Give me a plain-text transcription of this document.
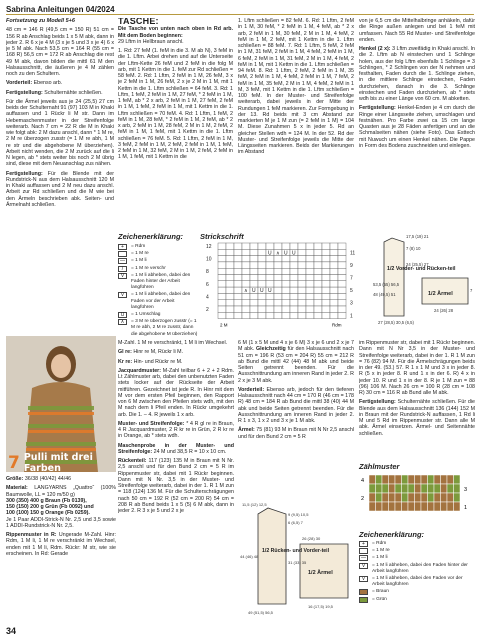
Sabrina Anleitungen 04/2024

Fortsetzung zu Modell 5+6

48 cm = 146 R (49,5 cm = 150 R) 51 cm = 156 R ab Anschlag beids 1 x 5 M abk, dann in jeder 2. R 6 x je 4 M (3 x je 5 und 3 x je 4) 6 x je 5 M abk. Nach 53,5 cm = 164 R (55 cm = 168 R) 56,5 cm = 172 R ab Anschlag die rest 49 M abk, davon bilden die mittl 61 M den Halsausschnitt, die äußeren je 4 M zählen noch zu den Schultern.

Vorderteil: Ebenso arb.

Fertigstellung: Schulternähte schließen.

Für die Ärmel jeweils aus je 24 (25,5) 27 cm beids der Schulternaht 91 (97) 103 M in Khaki auffassen und 1 Rückr li M str. Dann im Hebemaschenmuster in der Streifenfolge weiterarb. Nach 7 cm = 22 R die M in Khaki wie folgt abk: 2 M dazu anschl, dann * 1 M re, 2 M re überzogen zusstr (= 1 M re abh, 1 M re str und die abgehobene M überziehen). Arbeit nicht wenden, die 2 M zurück auf die li N legen, ab * stets weiter bis noch 2 M übrig sind, diese mit dem Neuanschlag zus nähen.

Fertigstellung: Für die Blende mit der Rundstrick-N aus dem Halsausschnitt 120 M in Khaki auffassen und 2 M neu dazu anschl. Arbeit zur Rd schließen und die M wie bei den Ärmeln beschrieben abk. Seiten- und Ärmelnaht schließen.

TASCHE:

Die Tasche von unten nach oben in Rd arb. Mit dem Boden beginnen:

29 Lftm in Hellbraun anschl.

1. Rd: 27 feM (1. feM in die 3. M ab N), 3 feM in die 1. Lftm. Arbei drehen und auf die Unterseite der Lftm-Kette 26 feM und 2 feM in die folg M arb, mit 1 Kettm in die 1. feM zur Rd schließen = 58 feM. 2. Rd: 1 Lftm, 2 feM in 1 M, 26 feM, 3 x je 2 feM in 1 M, 26 feM, 2 x je 2 M in 1 M, mit 1 Kettm in die 1. Lftm schließen = 64 feM. 3. Rd: 1 Lftm, 1 feM, 2 feM in 1 M, 27 feM, * 2 feM in 1 M, 1 feM, ab * 2 x arb, 2 feM in 1 M, 27 feM, 2 feM in 1 M, 1 feM, 2 feM in 1 M, mit 1 Kettm in die 1. Lftm schließen = 70 feM. 4. Rd: 1 Lftm, 1 feM, 2 feM in 1 M, 28 feM, * 2 feM in 1 M, 2 feM, ab * 2 x arb, 2 feM in 1 M, 28 feM, 2 M in 1 M, 2 feM, 2 feM in 1 M, 1 feM, mit 1 Kettm in die 1. Lftm schließen = 76 feM. 5. Rd: 1 Lftm, 2 feM in 1 M, 3 feM, 2 feM in 1 M, 2 feM, 2 feM in 1 M, 1 feM, 2 feM in 1 M, 32 feM, 2 M in 1 M, 2 feM, 2 feM in 1 M, 1 feM, mit 1 Kettm in die

1. Lftm schließen = 82 feM. 6. Rd: 1 Lftm, 2 feM in 1 M, 30 feM, * 2 feM in 1 M, 4 feM, ab * 2 x arb, 2 feM in 1 M, 30 feM, 2 M in 1 M, 4 feM, 2 feM in 1 M, 2 feM, mit 1 Kettm in die 1. Lftm schließen = 88 feM. 7. Rd: 1 Lftm, 5 feM, 2 feM in 1 M, 31 feM, 2 feM in 1 M, 4 feM, 2 feM in 1 M, 6 feM, 2 feM in 1 M, 31 feM, 2 M in 1 M, 4 feM, 2 feM in 1 M, mit 1 Kettm in die 1. Lftm schließen = 94 feM. 8. Rd: 1 Lftm, 2 feM, 2 feM in 1 M, 35 feM, 2 feM in 1 M, 4 feM, 2 feM in 1 M, 7 feM, 2 feM in 1 M, 35 feM, 2 M in 1 M, 4 feM, 2 feM in 1 M, 3 feM, mit 1 Kettm in die 1. Lftm schließen = 100 feM. In der Muster- und Streifenfolge weiterarb, dabei jeweils in der Mitte der Rundungen 1 feM markieren. Zur Formgebung in der 13. Rd beids mit 3 cm Abstand zur markierten M je 1 M zun (= 2 feM in 1 M) = 104 M. Diese Zunahmen 5 x in jeder 5. Rd an gleicher Stellen wdh = 124 M. In der 52. Rd der Muster- und Streifenfolge jeweils die Mitte der Längsseiten markieren. Beids der Markierungen im Abstand

von je 6,5 cm die Mittelhalbringe anhäkeln, dafür die Ringe außen anlegen und bei 1 feM mit umfassen. Nach 55 Rd Muster- und Streifenfolge enden.

Henkel (2 x): 3 Lftm zweifädig in Khaki anschl. In die 2. Lftm ab N einstechen und 1 Schlinge holen, aus der folg Lftm ebenfalls 1 Schlinge = 3 Schlingen, * 2 Schlingen von der N nehmen und festhalten, Faden durch die 1. Schlinge ziehen, in die mittlere Schlinge einstechen, Faden durchziehen, danach in die 3. Schlinge einstechen und Faden durchziehen, ab * stets wdh bis zu einer Länge von 60 cm. M abketten.

Fertigstellung: Henkel-Enden je 4 cm durch die Ringe einer Längsseite ziehen, umschlagen und festnähen. Pro Farbe zwei ca 15 cm lange Quasten aus je 28 Fäden anfertigen und an die Schmalseiten nähen (siehe Foto). Das Esttech mit Nuwuch um einen Henkel nähen. Die Pappe in Form des Bodens zuschneiden und einlegen.

Zeichenerklärung:
+	= Rdm
= 1 M re
—	= 1 M li
/	= 1 M re verschr
V	= 1 M li abheben, dabei den Faden hinter der Arbeit langführen
v	= 1 M li abheben, dabei den Faden vor der Arbeit langführen
U	= 1 Umschlag
∧	= 3 M re überzogen zusstr (= 1 M re abh, 2 M re zusstr, dann die abgehobene M überziehen)
Strickschrift
12
10
8
6
4
2
11
9
7
5
3
1
U ∧ U U
∧ U U U
2 M	Rdm
1/2 Vorder- und Rücken-teil
1/2 Ärmel
17,5 (19) 21
7 (8) 10
53,5 (55) 56,5
48 (49,5) 51
24 (25,5) 27
27 (28,5) 30,5 (6,5)
24 (26) 28
7
7 Pulli mit drei Farben

Größe: 36/38 (40/42) 44/46

Material: LANGYARNS „Quattro“ (100% Baumwolle, LL = 120 m/50 g)

300 (350) 400 g Braun (Fb 0139),
150 (150) 200 g Grün (Fb 0092) und
100 (100) 150 g Orange (Fb 0259).

Je 1 Paar ADDI-Strick-N Nr. 2,5 und 3,5 sowie 1 ADDI-Rundstrick-N Nr. 2,5.

Rippenmuster in R: Ungerade M-Zahl. Hinr: Rdm, 1 M li, 1 M re verschränkt im Wechsel, enden mit 1 M li, Rdm. Rückr: M str, wie sie erscheinen. In Rd: Gerade

M-Zahl. 1 M re verschränkt, 1 M li im Wechsel.

Gl re: Hinr re M, Rückr li M.

Kr re: Hin- und Rückr re M.

Jacquardmuster: M-Zahl teilbar 6 + 2 + 2 Rdm. Lt Zählmuster arb, dabei den unbenutzten Faden stets locker auf der Rückseite der Arbeit mitführen. Gezeichnet ist jede R. In Hinr mit dem M vor dem ersten Pfeil beginnen, den Rapport von 6 M zwischen den Pfeilen stets wdh, mit den M nach dem li Pfeil enden. In Rückr umgekehrt arb. Die 1. – 4. R jeweils 1 x arb.

Muster- und Streifenfolge: * 4 R gl re in Braun, 4 R Jacquardmuster, 2 R kr re in Grün, 2 R kr re in Orange, ab * stets wdh.

Maschenprobe in der Muster- und Streifenfolge: 24 M und 38,5 R = 10 x 10 cm.

Rückenteil: 117 (123) 135 M in Braun mit N Nr. 2,5 anschl und für den Bund 2 cm = 5 R im Rippenmuster str, dabei mit 1 Rückr beginnen. Dann mit N Nr. 3,5 in der Muster- und Streifenfolge weiterarb, dabei in der 1. R 1 M zun = 118 (124) 136 M. Für die Schulterschrägungen nach 50 cm = 192 R (52 cm = 200 R) 54 cm = 208 R ab Bund beids 1 x 5 (5) 6 M abk, dann in jeder 2. R 3 x je 5 und 2 x je

6 M (1 x 5 M und 4 x je 6 M) 3 x je 6 und 2 x je 7 M abk. Gleichzeitig für den Halsausschnitt nach 51 cm = 196 R (53 cm = 204 R) 55 cm = 212 R ab Bund die mittl 42 (44) 48 M abk und beide Seiten getrennt beenden. Für die Ausschnittrundung am inneren Rand in jeder 2. R 2 x je 3 M abk.

Vorderteil: Ebenso arb, jedoch für den tieferen Halsausschnitt nach 44 cm = 170 R (46 cm = 178 R) 48 cm = 184 R ab Bund die mittl 38 (40) 44 M abk und beide Seiten getrennt beenden. Für die Ausschnittrundung am inneren Rand in jeder 2. R 1 x 3, 1 x 2 und 3 x je 1 M abk.

Ärmel: 75 (81) 93 M in Braun mit N Nr 2,5 anschl und für den Bund 2 cm = 5 R

im Rippenmuster str, dabei mit 1 Rückr beginnen. Dann mit N Nr 3,5 in der Muster- und Streifenfolge weiterarb, dabei in der 1. R 1 M zun = 76 (82) 94 M. Für die Ärmelschrägungen beids in der 49. (53.) 57. R 1 x 1 M und 3 x in jeder 8. R (5 x in jeder 8. R und 1 x in der 6. R) 4 x in jeder 10. R und 1 x in der 8. R je 1 M zun = 88 (96) 106 M. Nach 26 cm = 100 R (28 cm = 108 R) 30 cm = 116 R ab Bund alle M abk.

Fertigstellung: Schulternähte schließen. Für die Blende aus dem Halsausschnitt 136 (144) 152 M in Braun mit der Rundstrick-N auffassen, 1 Rd li M und 5 Rd im Rippenmuster str. Dann alle M abk. Ärmel einsetzen. Ärmel- und Seitennähte schließen.

Zählmuster
4
2
3
1
1/2 Rücken- und Vorder-teil
1/2 Ärmel
11,5 (12) 12,5
9 (9,5) 10,5
6 (6,5) 7
44 (46) 48
31 (33) 35
49 (51,5) 56,5
26 (28) 30
16 (17,5) 19,5
Zeichenerklärung:
+	= Rdm
= 1 M re
—	= 1 M li
V	= 1 M li abheben, dabei den Faden hinter der Arbeit langführen
v	= 1 M li abheben, dabei den Faden vor der Arbeit langführen
= Braun
= Grün
34
